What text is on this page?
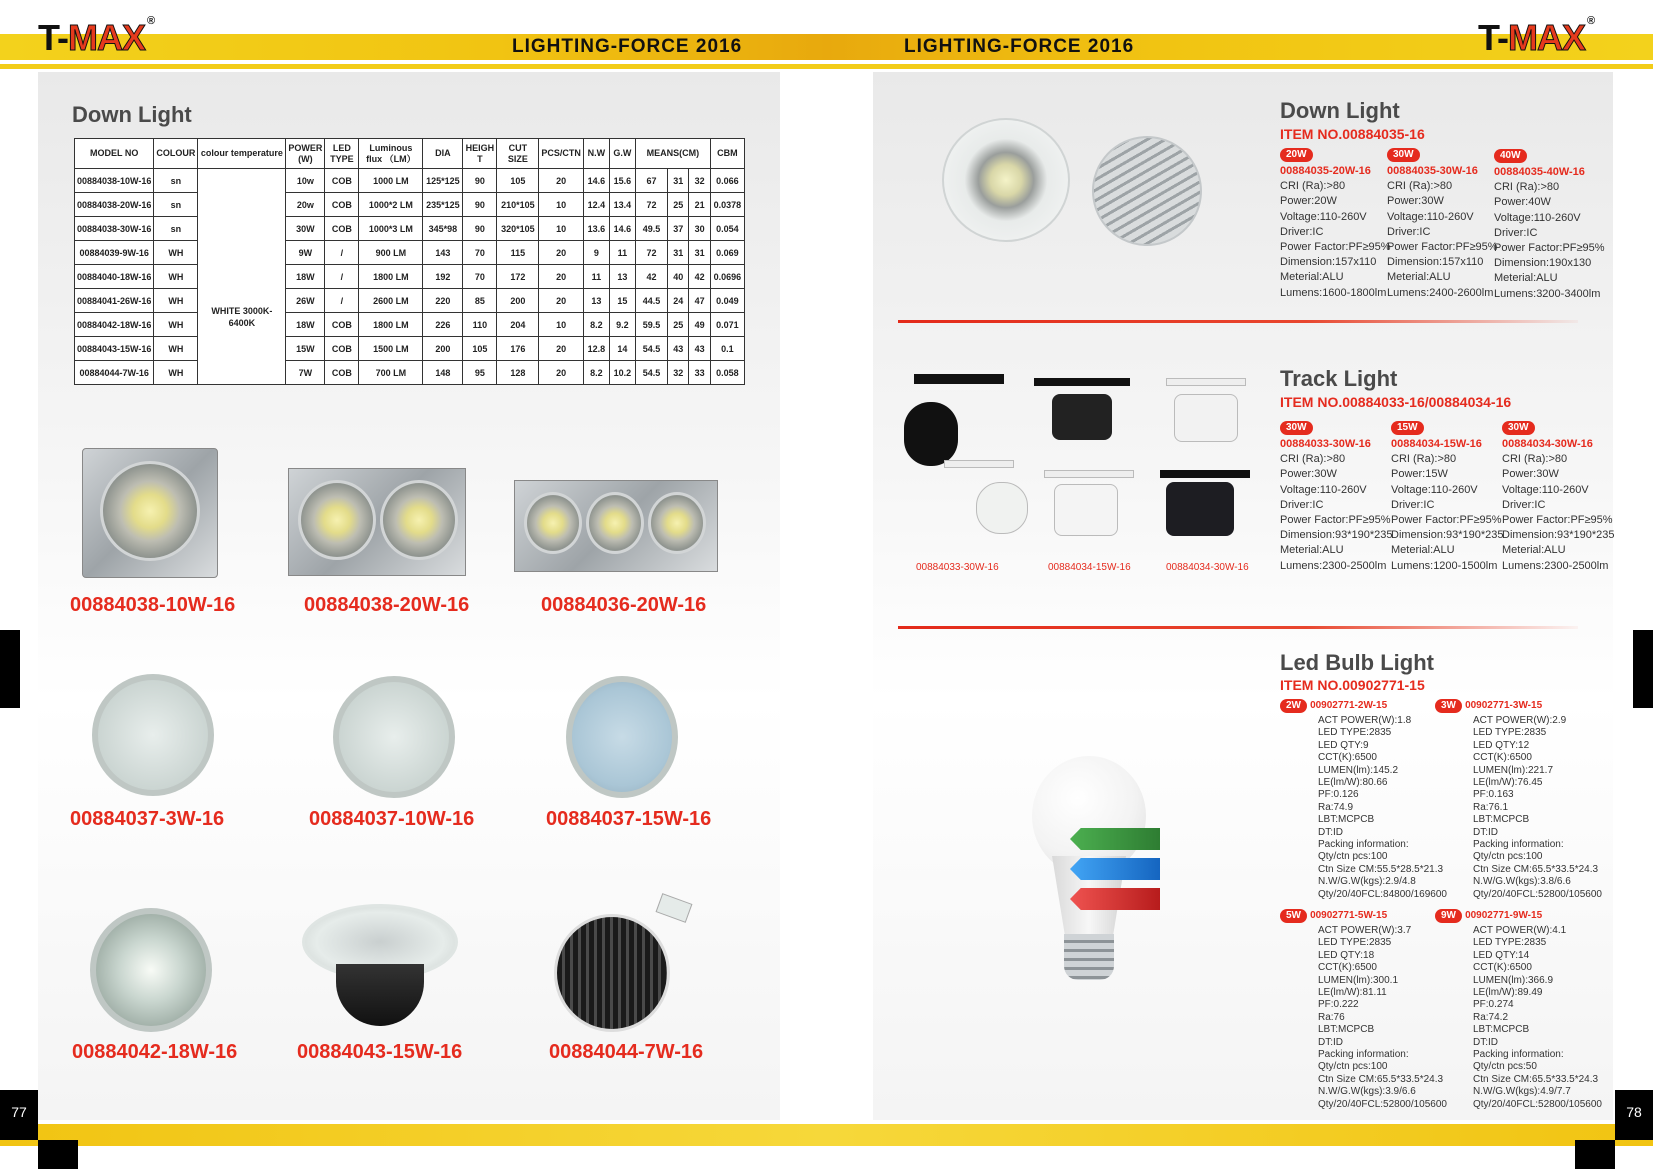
T-MAX ®	T-MAX ®
LIGHTING-FORCE 2016	LIGHTING-FORCE 2016
77	78
Down Light
MODEL NO	COLOUR	colour temperature	POWER (W)	LED TYPE	Luminous flux （LM）	DIA	HEIGH T	CUT SIZE	PCS/CTN	N.W	G.W	MEANS(CM)			CBM
00884038-10W-16	sn	WHITE 3000K-6400K	10w	COB	1000 LM	125*125	90	105	20	14.6	15.6	67	31	32	0.066
00884038-20W-16	sn		20w	COB	1000*2 LM	235*125	90	210*105	10	12.4	13.4	72	25	21	0.0378
00884038-30W-16	sn		30W	COB	1000*3 LM	345*98	90	320*105	10	13.6	14.6	49.5	37	30	0.054
00884039-9W-16	WH		9W	/	900 LM	143	70	115	20	9	11	72	31	31	0.069
00884040-18W-16	WH		18W	/	1800 LM	192	70	172	20	11	13	42	40	42	0.0696
00884041-26W-16	WH		26W	/	2600 LM	220	85	200	20	13	15	44.5	24	47	0.049
00884042-18W-16	WH		18W	COB	1800 LM	226	110	204	10	8.2	9.2	59.5	25	49	0.071
00884043-15W-16	WH		15W	COB	1500 LM	200	105	176	20	12.8	14	54.5	43	43	0.1
00884044-7W-16	WH		7W	COB	700 LM	148	95	128	20	8.2	10.2	54.5	32	33	0.058
00884038-10W-16	00884038-20W-16	00884036-20W-16
00884037-3W-16	00884037-10W-16	00884037-15W-16
00884042-18W-16	00884043-15W-16	00884044-7W-16
Down Light
ITEM NO.00884035-16
20W
00884035-20W-16
CRI (Ra):>80
Power:20W
Voltage:110-260V
Driver:IC
Power Factor:PF≥95%
Dimension:157x110
Meterial:ALU
Lumens:1600-1800lm
30W
00884035-30W-16
CRI (Ra):>80
Power:30W
Voltage:110-260V
Driver:IC
Power Factor:PF≥95%
Dimension:157x110
Meterial:ALU
Lumens:2400-2600lm
40W
00884035-40W-16
CRI (Ra):>80
Power:40W
Voltage:110-260V
Driver:IC
Power Factor:PF≥95%
Dimension:190x130
Meterial:ALU
Lumens:3200-3400lm
00884033-30W-16	00884034-15W-16	00884034-30W-16
Track Light
ITEM NO.00884033-16/00884034-16
30W
00884033-30W-16
CRI (Ra):>80
Power:30W
Voltage:110-260V
Driver:IC
Power Factor:PF≥95%
Dimension:93*190*235
Meterial:ALU
Lumens:2300-2500lm
15W
00884034-15W-16
CRI (Ra):>80
Power:15W
Voltage:110-260V
Driver:IC
Power Factor:PF≥95%
Dimension:93*190*235
Meterial:ALU
Lumens:1200-1500lm
30W
00884034-30W-16
CRI (Ra):>80
Power:30W
Voltage:110-260V
Driver:IC
Power Factor:PF≥95%
Dimension:93*190*235
Meterial:ALU
Lumens:2300-2500lm
Led Bulb Light
ITEM NO.00902771-15
2W 00902771-2W-15
ACT POWER(W):1.8
LED TYPE:2835
LED QTY:9
CCT(K):6500
LUMEN(lm):145.2
LE(lm/W):80.66
PF:0.126
Ra:74.9
LBT:MCPCB
DT:ID
Packing information:
Qty/ctn pcs:100
Ctn Size CM:55.5*28.5*21.3
N.W/G.W(kgs):2.9/4.8
Qty/20/40FCL:84800/169600
3W 00902771-3W-15
ACT POWER(W):2.9
LED TYPE:2835
LED QTY:12
CCT(K):6500
LUMEN(lm):221.7
LE(lm/W):76.45
PF:0.163
Ra:76.1
LBT:MCPCB
DT:ID
Packing information:
Qty/ctn pcs:100
Ctn Size CM:65.5*33.5*24.3
N.W/G.W(kgs):3.8/6.6
Qty/20/40FCL:52800/105600
5W 00902771-5W-15
ACT POWER(W):3.7
LED TYPE:2835
LED QTY:18
CCT(K):6500
LUMEN(lm):300.1
LE(lm/W):81.11
PF:0.222
Ra:76
LBT:MCPCB
DT:ID
Packing information:
Qty/ctn pcs:100
Ctn Size CM:65.5*33.5*24.3
N.W/G.W(kgs):3.9/6.6
Qty/20/40FCL:52800/105600
9W 00902771-9W-15
ACT POWER(W):4.1
LED TYPE:2835
LED QTY:14
CCT(K):6500
LUMEN(lm):366.9
LE(lm/W):89.49
PF:0.274
Ra:74.2
LBT:MCPCB
DT:ID
Packing information:
Qty/ctn pcs:50
Ctn Size CM:65.5*33.5*24.3
N.W/G.W(kgs):4.9/7.7
Qty/20/40FCL:52800/105600
